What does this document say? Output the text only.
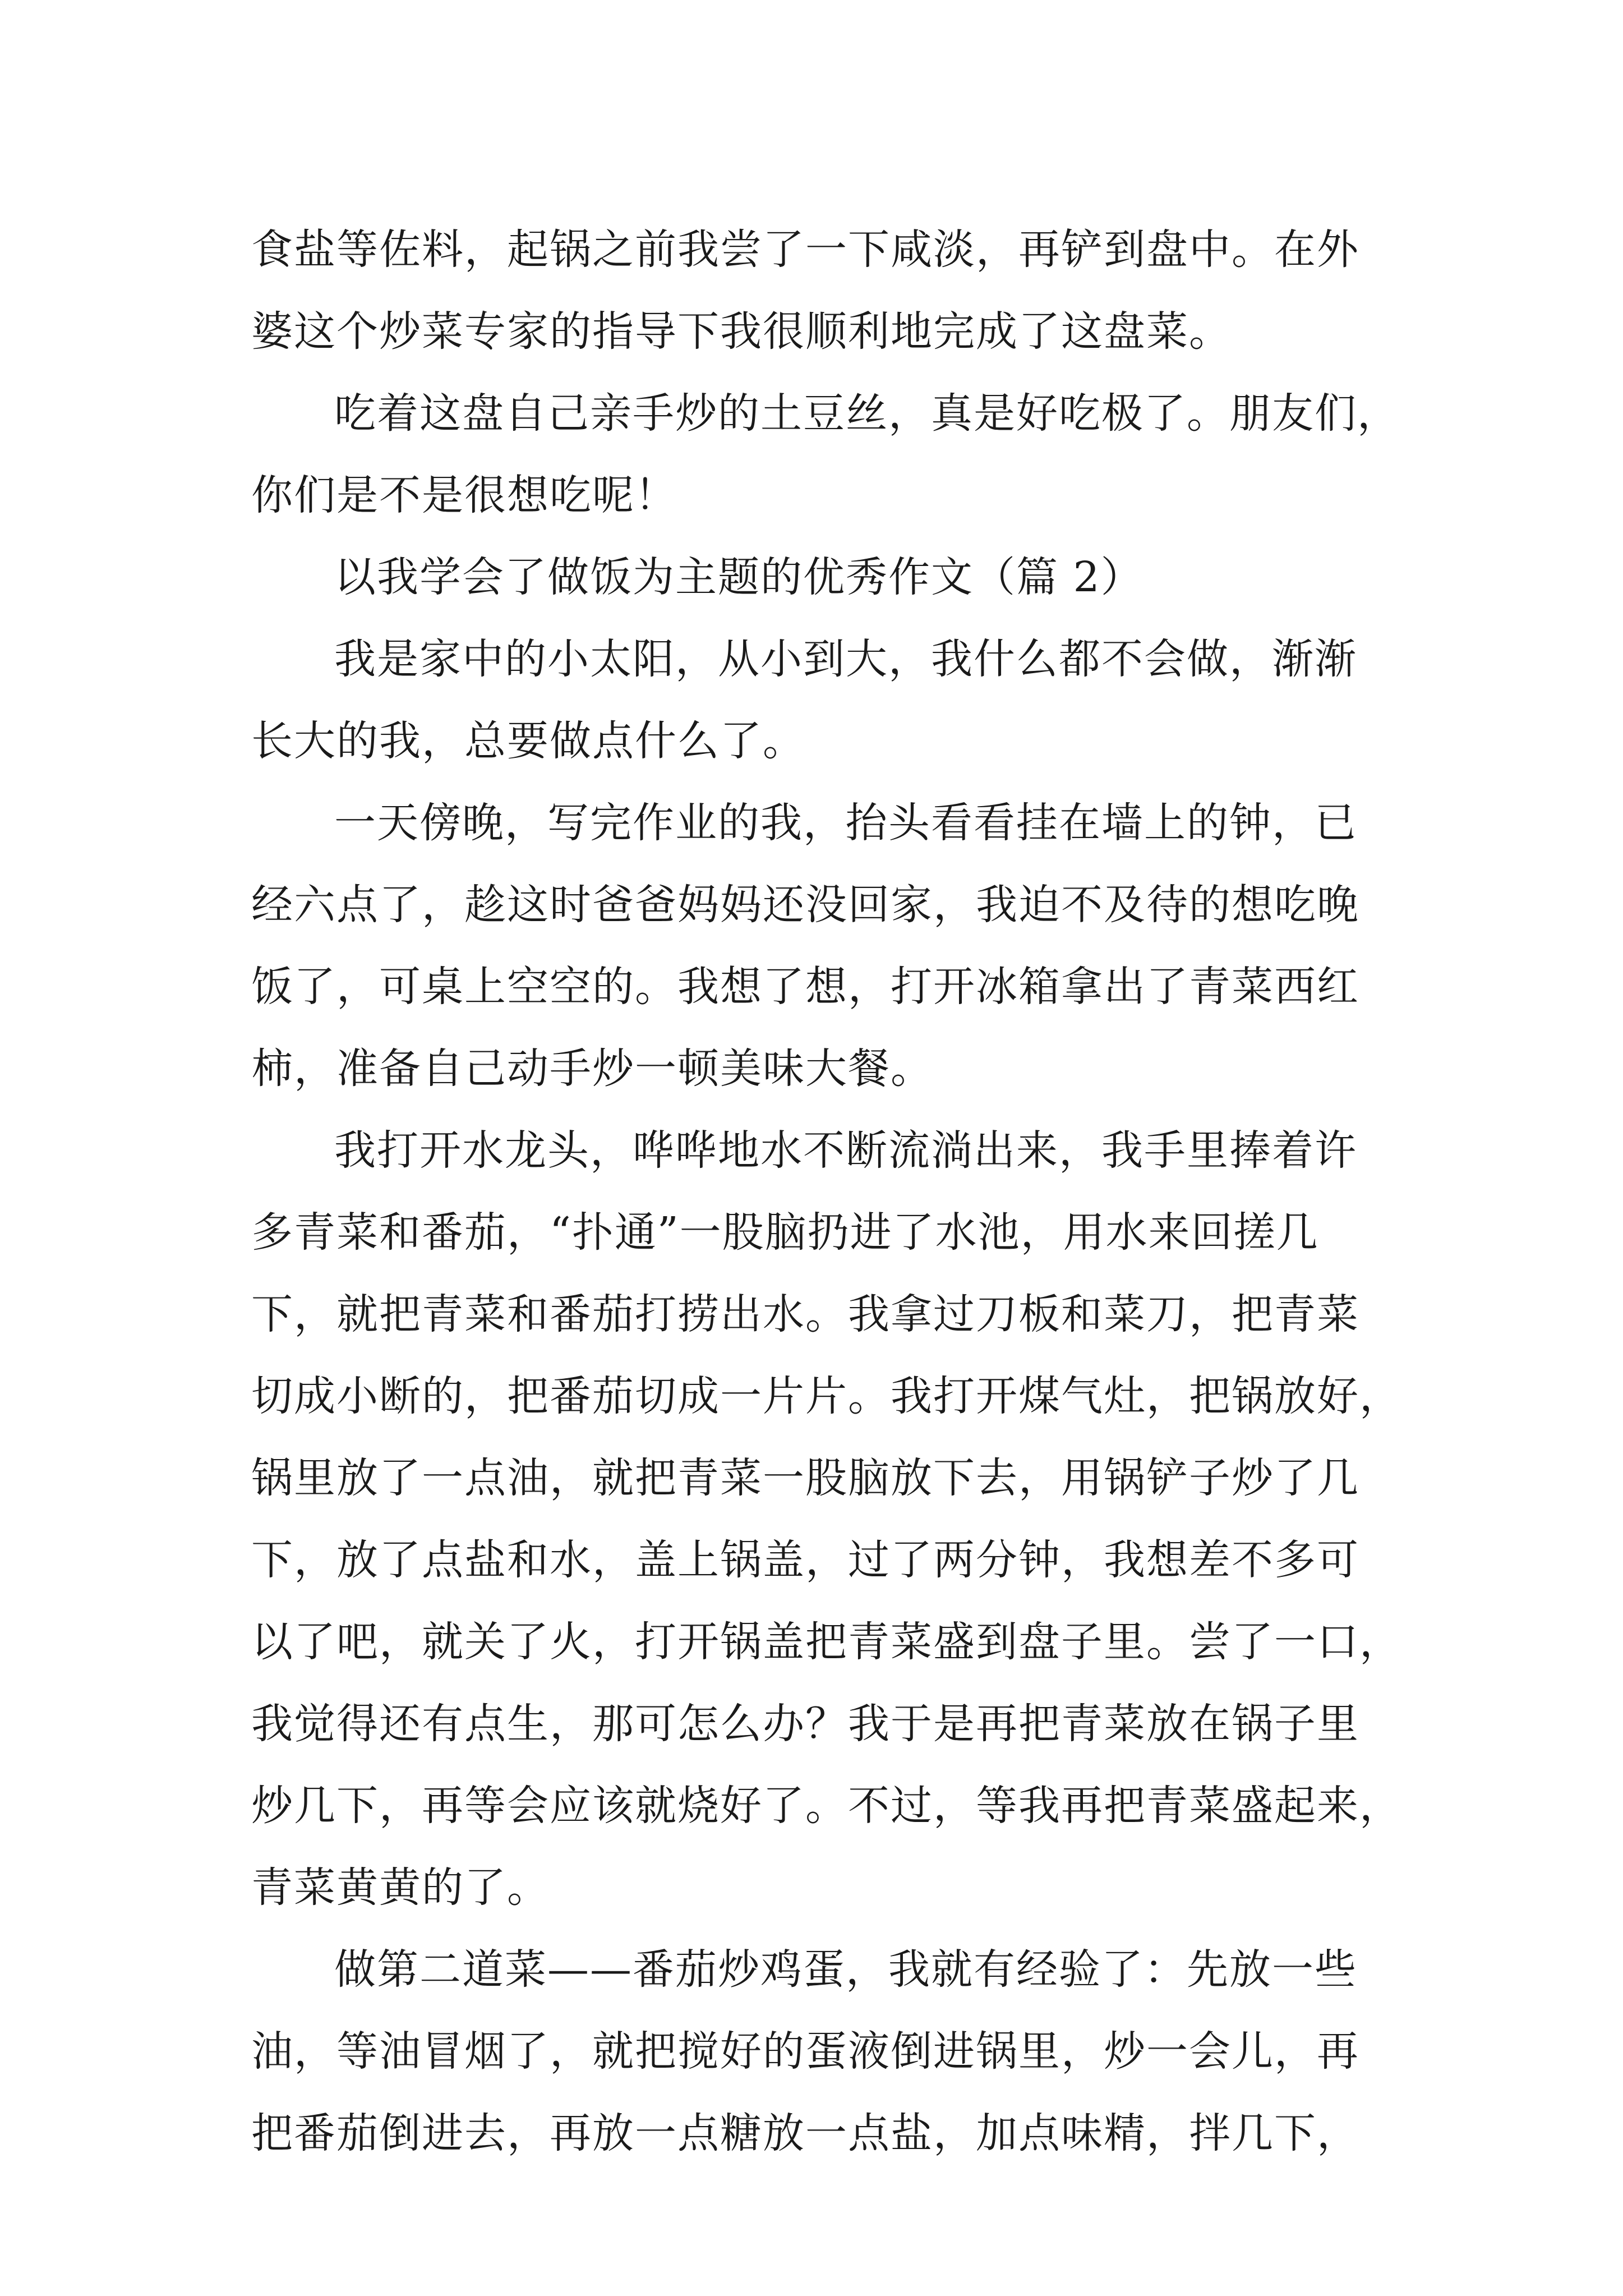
食盐等佐料，起锅之前我尝了一下咸淡，再铲到盘中。在外
婆这个炒菜专家的指导下我很顺利地完成了这盘菜。
吃着这盘自己亲手炒的土豆丝，真是好吃极了。朋友们，
你们是不是很想吃呢！
以我学会了做饭为主题的优秀作文（篇 2）
我是家中的小太阳，从小到大，我什么都不会做，渐渐
长大的我，总要做点什么了。
一天傍晚，写完作业的我，抬头看看挂在墙上的钟，已
经六点了，趁这时爸爸妈妈还没回家，我迫不及待的想吃晚
饭了，可桌上空空的。我想了想，打开冰箱拿出了青菜西红
柿，准备自己动手炒一顿美味大餐。
我打开水龙头，哗哗地水不断流淌出来，我手里捧着许
多青菜和番茄，“扑通”一股脑扔进了水池，用水来回搓几
下，就把青菜和番茄打捞出水。我拿过刀板和菜刀，把青菜
切成小断的，把番茄切成一片片。我打开煤气灶，把锅放好，
锅里放了一点油，就把青菜一股脑放下去，用锅铲子炒了几
下，放了点盐和水，盖上锅盖，过了两分钟，我想差不多可
以了吧，就关了火，打开锅盖把青菜盛到盘子里。尝了一口，
我觉得还有点生，那可怎么办？我于是再把青菜放在锅子里
炒几下，再等会应该就烧好了。不过，等我再把青菜盛起来，
青菜黄黄的了。
做第二道菜——番茄炒鸡蛋，我就有经验了：先放一些
油，等油冒烟了，就把搅好的蛋液倒进锅里，炒一会儿，再
把番茄倒进去，再放一点糖放一点盐，加点味精，拌几下，
